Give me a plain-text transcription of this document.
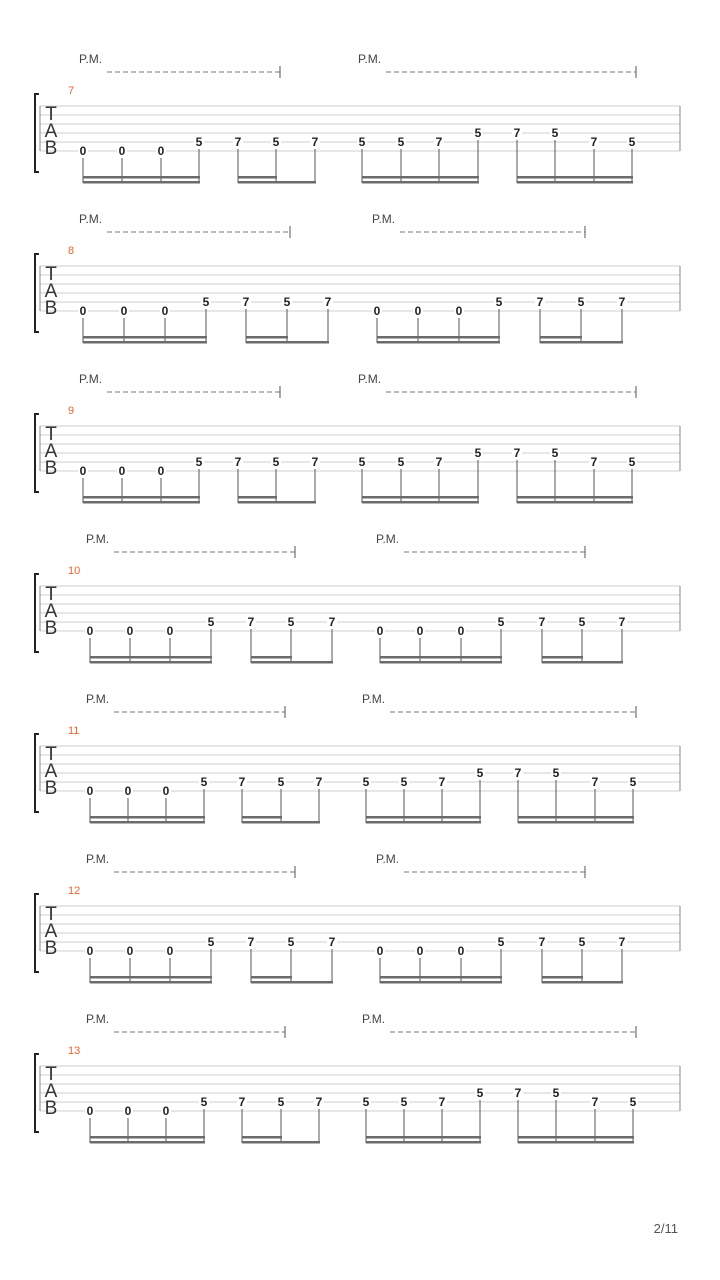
P.M.	P.M.
7
T
A
B 0	0	0
5	7	5	7	5	5	7
5	7	5
7	5
P.M.	P.M.
8
T
A
B 0	0	0
5	7	5	7
0	0	0
5	7	5	7
P.M.	P.M.
9
T
A
B 0	0	0
5	7	5	7	5	5	7
5	7	5
7	5
P.M.	P.M.
10
T
A
B 0	0	0
5	7	5	7
0	0	0
5	7	5	7
P.M.	P.M.
11
T
A
B 0	0	0
5	7	5	7	5	5	7
5	7	5
7	5
P.M.	P.M.
12
T
A
B 0	0	0
5	7	5	7
0	0	0
5	7	5	7
P.M.	P.M.
13
T
A
B 0	0	0
5	7	5	7	5	5	7
5	7	5
7	5
2/11
